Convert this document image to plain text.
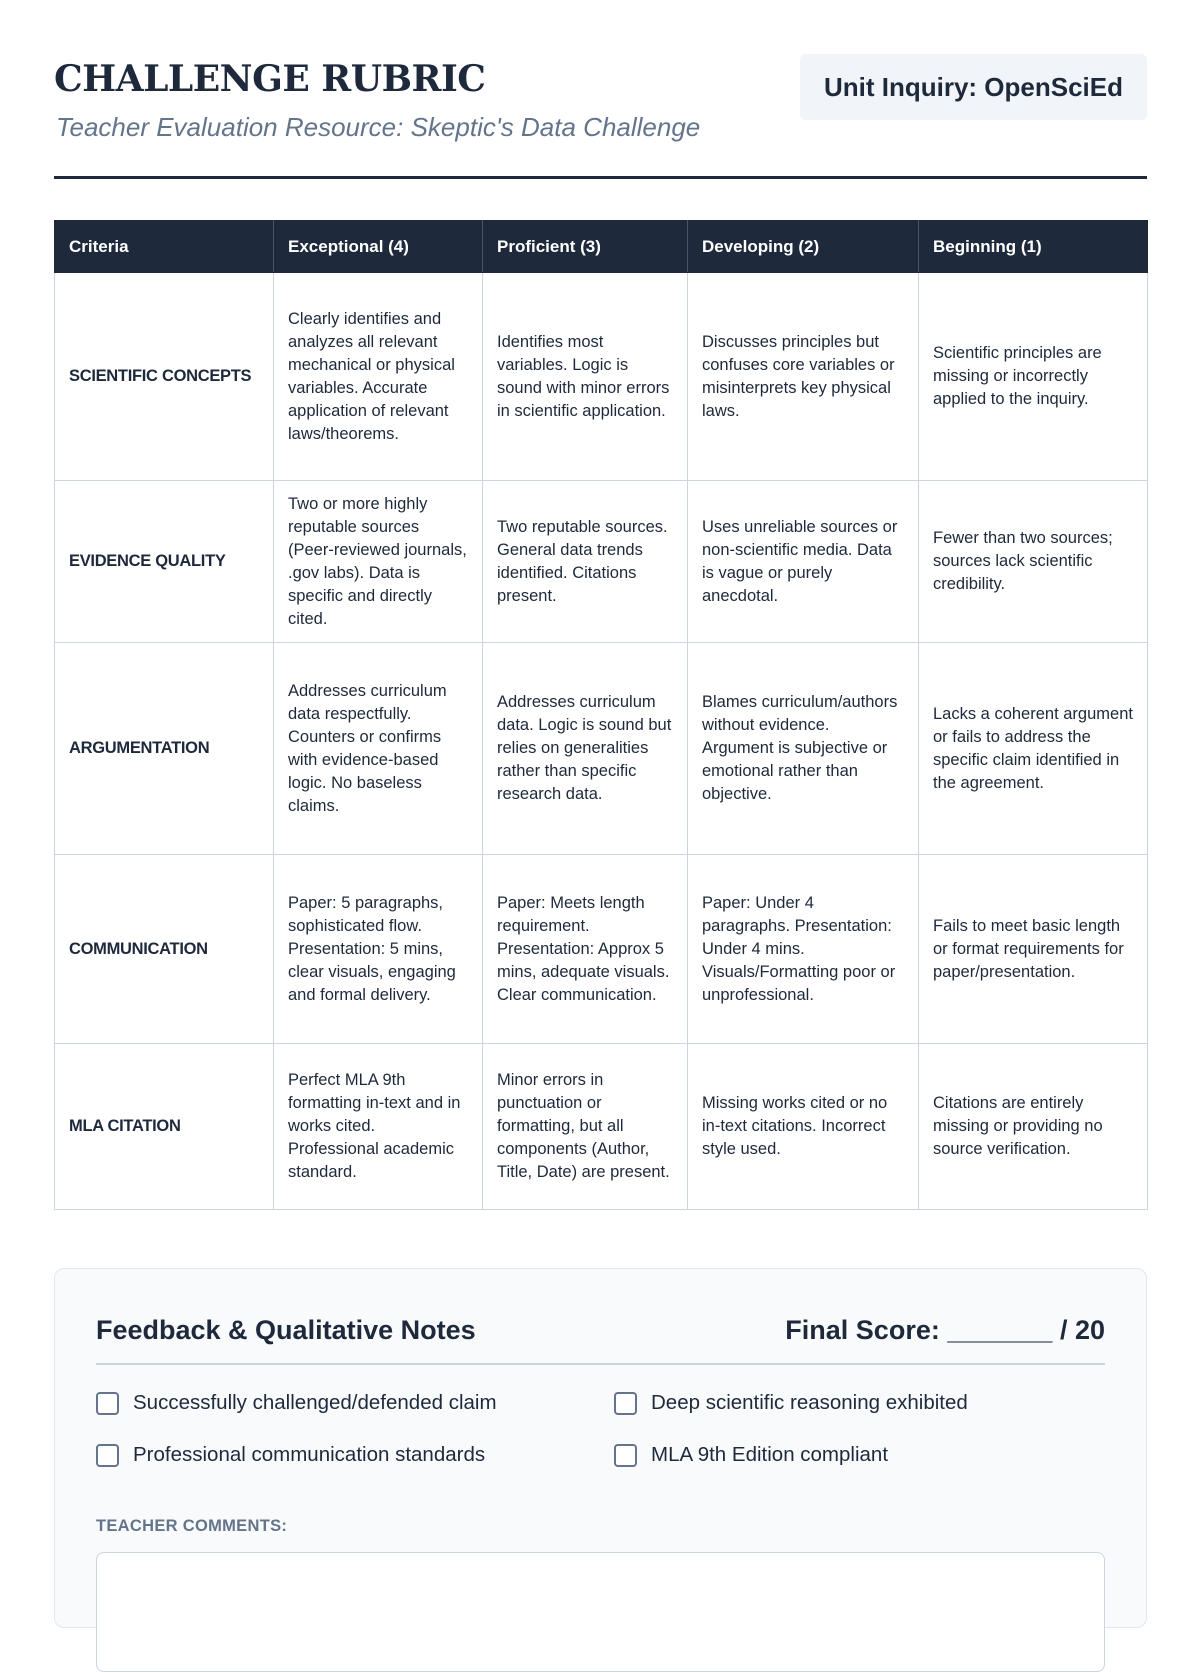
CHALLENGE RUBRIC

Teacher Evaluation Resource: Skeptic's Data Challenge

Unit Inquiry: OpenSciEd
Criteria	Exceptional (4)	Proficient (3)	Developing (2)	Beginning (1)
SCIENTIFIC CONCEPTS	Clearly identifies and analyzes all relevant mechanical or physical variables. Accurate application of relevant laws/theorems.	Identifies most variables. Logic is sound with minor errors in scientific application.	Discusses principles but confuses core variables or misinterprets key physical laws.	Scientific principles are missing or incorrectly applied to the inquiry.
EVIDENCE QUALITY	Two or more highly reputable sources (Peer-reviewed journals, .gov labs). Data is specific and directly cited.	Two reputable sources. General data trends identified. Citations present.	Uses unreliable sources or non-scientific media. Data is vague or purely anecdotal.	Fewer than two sources; sources lack scientific credibility.
ARGUMENTATION	Addresses curriculum data respectfully. Counters or confirms with evidence-based logic. No baseless claims.	Addresses curriculum data. Logic is sound but relies on generalities rather than specific research data.	Blames curriculum/authors without evidence. Argument is subjective or emotional rather than objective.	Lacks a coherent argument or fails to address the specific claim identified in the agreement.
COMMUNICATION	Paper: 5 paragraphs, sophisticated flow. Presentation: 5 mins, clear visuals, engaging and formal delivery.	Paper: Meets length requirement. Presentation: Approx 5 mins, adequate visuals. Clear communication.	Paper: Under 4 paragraphs. Presentation: Under 4 mins. Visuals/Formatting poor or unprofessional.	Fails to meet basic length or format requirements for paper/presentation.
MLA CITATION	Perfect MLA 9th formatting in-text and in works cited. Professional academic standard.	Minor errors in punctuation or formatting, but all components (Author, Title, Date) are present.	Missing works cited or no in-text citations. Incorrect style used.	Citations are entirely missing or providing no source verification.
Feedback & Qualitative Notes	Final Score: _______ / 20
Successfully challenged/defended claim	Deep scientific reasoning exhibited
Professional communication standards	MLA 9th Edition compliant
TEACHER COMMENTS:
